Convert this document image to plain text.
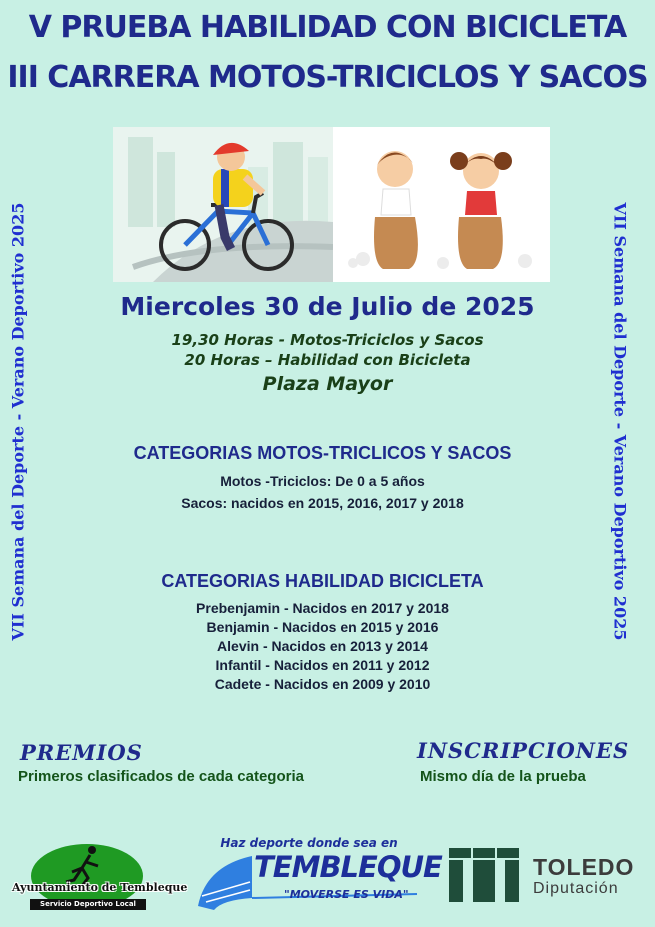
V PRUEBA HABILIDAD CON BICICLETA
III CARRERA MOTOS-TRICICLOS Y SACOS
VII Semana del Deporte - Verano Deportivo 2025	VII Semana del Deporte - Verano Deportivo 2025
Miercoles 30 de Julio de 2025
19,30 Horas - Motos-Triciclos y Sacos
20 Horas – Habilidad con Bicicleta
Plaza Mayor
CATEGORIAS MOTOS-TRICLICOS Y SACOS
Motos -Triciclos: De 0 a 5 años
Sacos: nacidos en 2015, 2016, 2017 y 2018
CATEGORIAS HABILIDAD BICICLETA
Prebenjamin - Nacidos en 2017 y 2018
Benjamin - Nacidos en 2015 y 2016
Alevin - Nacidos en 2013 y 2014
Infantil - Nacidos en 2011 y 2012
Cadete - Nacidos en 2009 y 2010
PREMIOS
Primeros clasificados de cada categoria
INSCRIPCIONES
Mismo día de la prueba
Ayuntamiento de Tembleque
Servicio Deportivo Local
Haz deporte donde sea en
TEMBLEQUE
"MOVERSE ES VIDA"
TOLEDO
Diputación
